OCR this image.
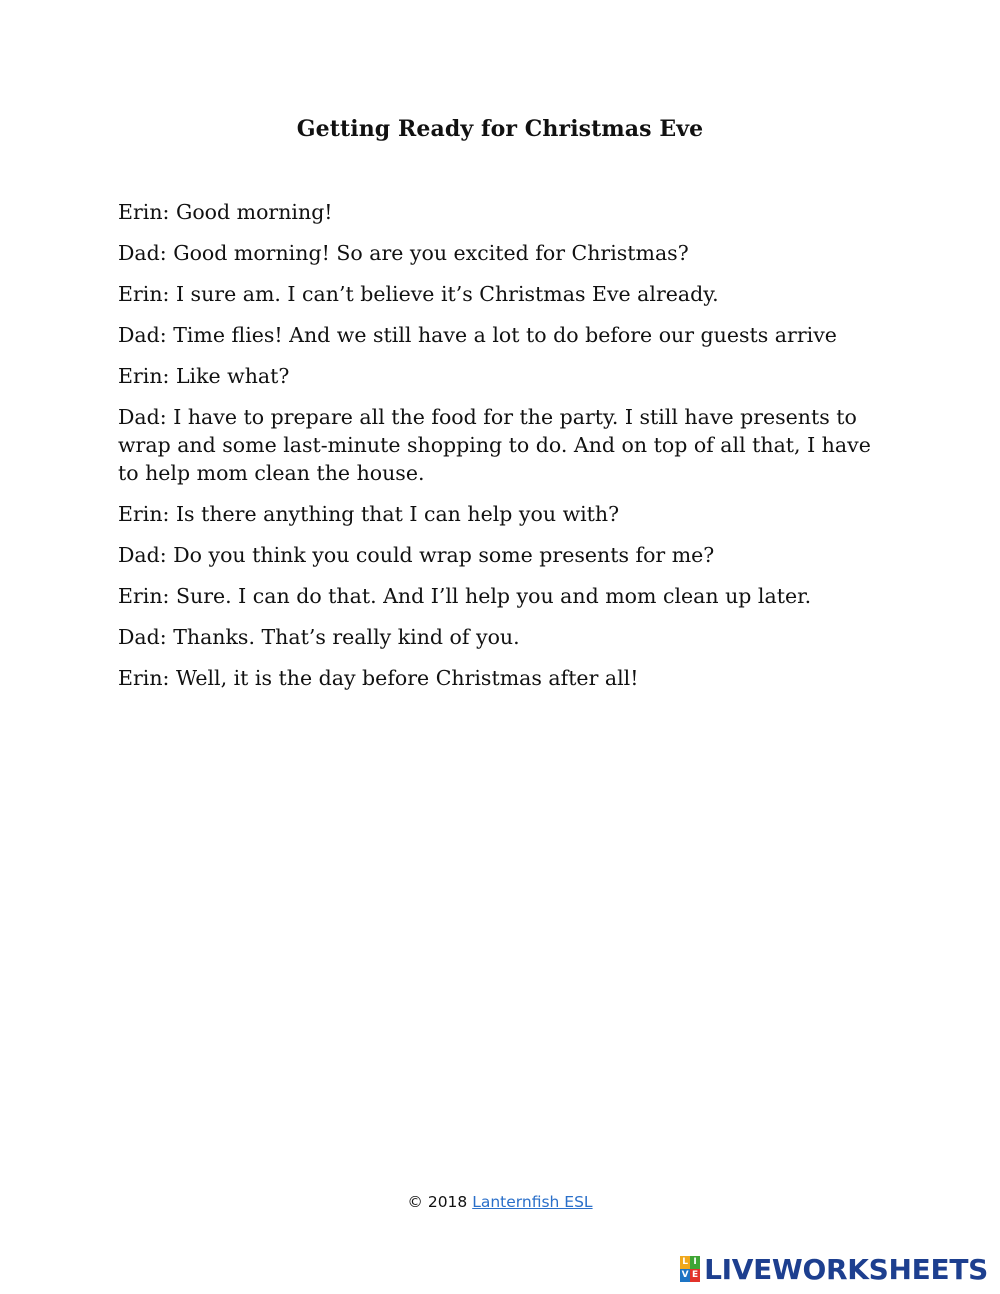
Getting Ready for Christmas Eve

Erin: Good morning!

Dad: Good morning! So are you excited for Christmas?

Erin: I sure am. I can’t believe it’s Christmas Eve already.

Dad: Time flies! And we still have a lot to do before our guests arrive

Erin: Like what?

Dad: I have to prepare all the food for the party. I still have presents to wrap and some last-minute shopping to do. And on top of all that, I have to help mom clean the house.

Erin: Is there anything that I can help you with?

Dad: Do you think you could wrap some presents for me?

Erin: Sure. I can do that. And I’ll help you and mom clean up later.

Dad: Thanks. That’s really kind of you.

Erin: Well, it is the day before Christmas after all!

© 2018 Lanternfish ESL
L I
V E LIVEWORKSHEETS
